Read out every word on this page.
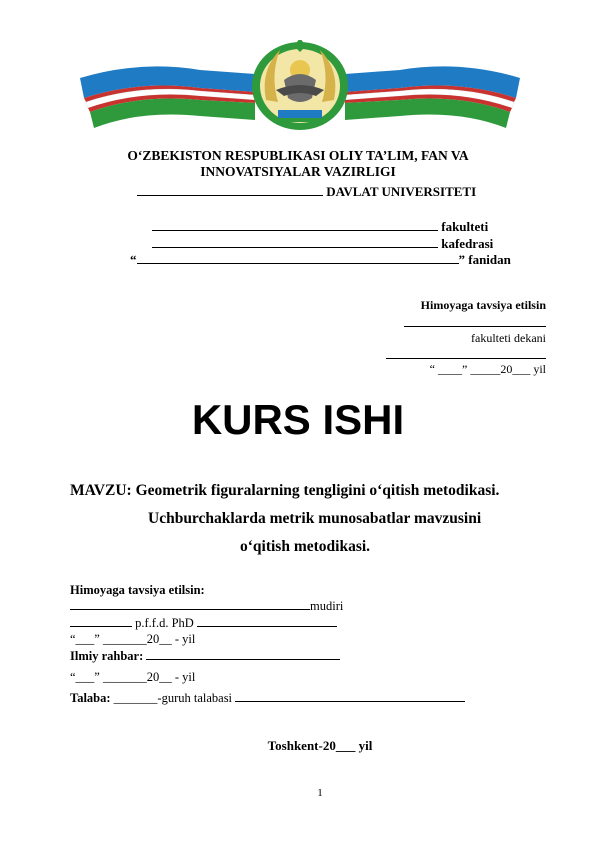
O‘ZBEKISTON RESPUBLIKASI OLIY TA’LIM, FAN VA
INNOVATSIYALAR VAZIRLIGI
DAVLAT UNIVERSITETI
fakulteti
kafedrasi
“	” fanidan
Himoyaga tavsiya etilsin
fakulteti dekani
“ ____” _____20___ yil
KURS ISHI
MAVZU: Geometrik figuralarning tengligini o‘qitish metodikasi.
Uchburchaklarda metrik munosabatlar mavzusini
o‘qitish metodikasi.
Himoyaga tavsiya etilsin:
mudiri
p.f.f.d. PhD
“___” _______20__ - yil
Ilmiy rahbar:
“___” _______20__ - yil
Talaba: _______-guruh talabasi
Toshkent-20___ yil
1
